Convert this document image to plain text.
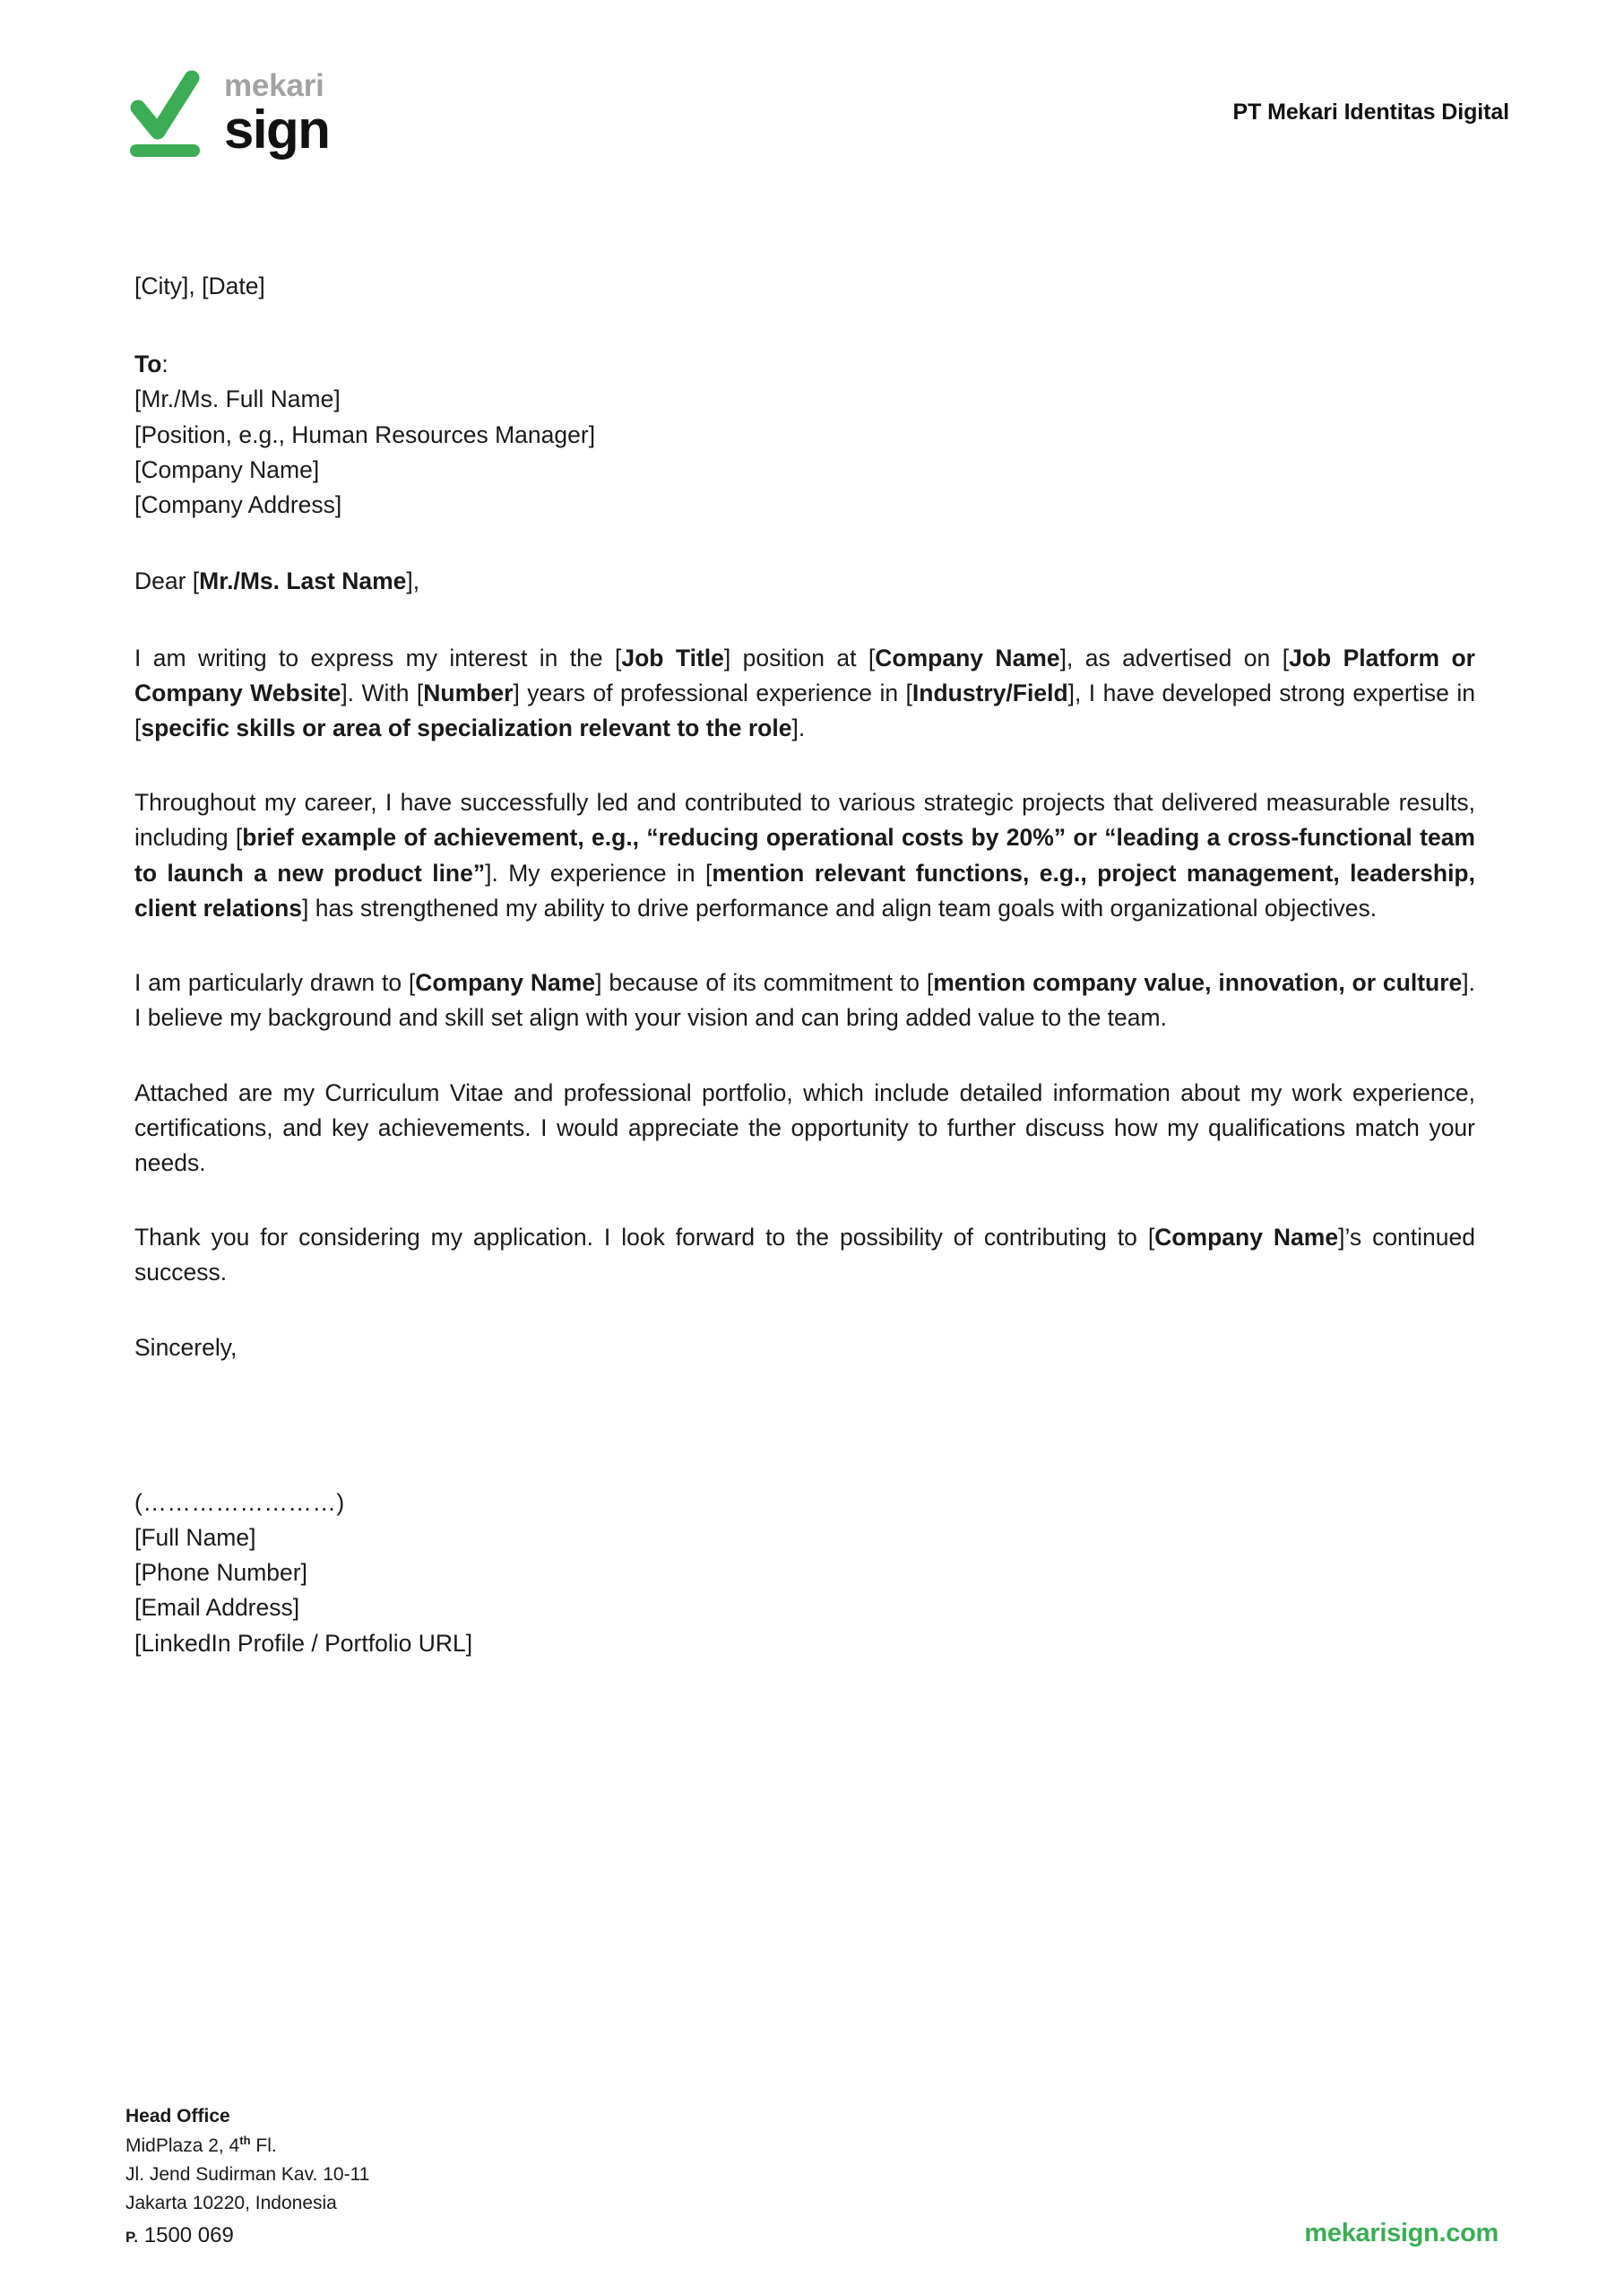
mekari
sign	PT Mekari Identitas Digital
[City], [Date]
To:
[Mr./Ms. Full Name]
[Position, e.g., Human Resources Manager]
[Company Name]
[Company Address]
Dear [Mr./Ms. Last Name],

I am writing to express my interest in the [Job Title] position at [Company Name], as advertised on [Job Platform or Company Website]. With [Number] years of professional experience in [Industry/Field], I have developed strong expertise in [specific skills or area of specialization relevant to the role].

Throughout my career, I have successfully led and contributed to various strategic projects that delivered measurable results, including [brief example of achievement, e.g., “reducing operational costs by 20%” or “leading a cross-functional team to launch a new product line”]. My experience in [mention relevant functions, e.g., project management, leadership, client relations] has strengthened my ability to drive performance and align team goals with organizational objectives.

I am particularly drawn to [Company Name] because of its commitment to [mention company value, innovation, or culture]. I believe my background and skill set align with your vision and can bring added value to the team.

Attached are my Curriculum Vitae and professional portfolio, which include detailed information about my work experience, certifications, and key achievements. I would appreciate the opportunity to further discuss how my qualifications match your needs.

Thank you for considering my application. I look forward to the possibility of contributing to [Company Name]’s continued success.

Sincerely,
(……………………)
[Full Name]
[Phone Number]
[Email Address]
[LinkedIn Profile / Portfolio URL]
Head Office
MidPlaza 2, 4th Fl.
Jl. Jend Sudirman Kav. 10-11
Jakarta 10220, Indonesia
P. 1500 069	mekarisign.com
